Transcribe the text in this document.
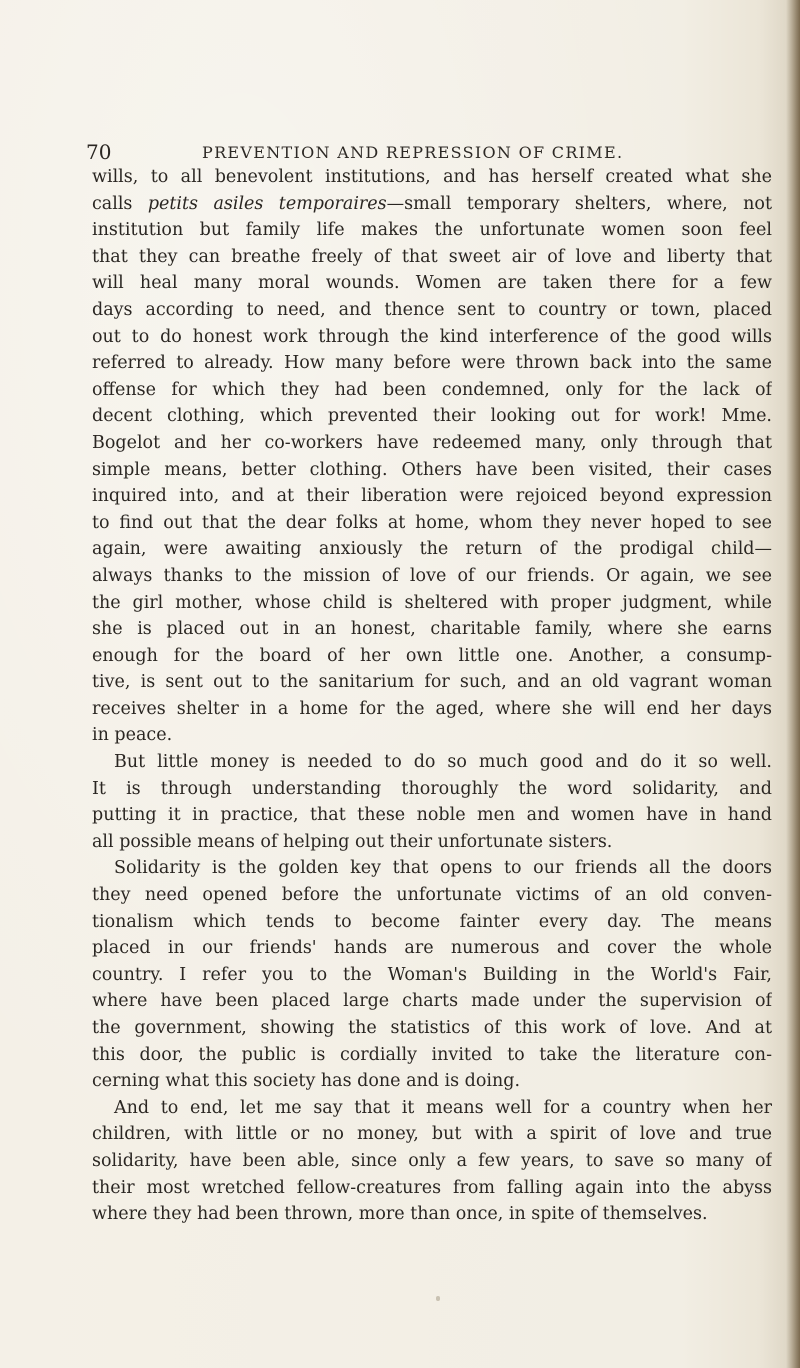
70	PREVENTION AND REPRESSION OF CRIME.
wills, to all benevolent institutions, and has herself created what she
calls petits asiles temporaires—small temporary shelters, where, not
institution but family life makes the unfortunate women soon feel
that they can breathe freely of that sweet air of love and liberty that
will heal many moral wounds. Women are taken there for a few
days according to need, and thence sent to country or town, placed
out to do honest work through the kind interference of the good wills
referred to already. How many before were thrown back into the same
offense for which they had been condemned, only for the lack of
decent clothing, which prevented their looking out for work! Mme.
Bogelot and her co-workers have redeemed many, only through that
simple means, better clothing. Others have been visited, their cases
inquired into, and at their liberation were rejoiced beyond expression
to find out that the dear folks at home, whom they never hoped to see
again, were awaiting anxiously the return of the prodigal child—
always thanks to the mission of love of our friends. Or again, we see
the girl mother, whose child is sheltered with proper judgment, while
she is placed out in an honest, charitable family, where she earns
enough for the board of her own little one. Another, a consump-
tive, is sent out to the sanitarium for such, and an old vagrant woman
receives shelter in a home for the aged, where she will end her days
in peace.
But little money is needed to do so much good and do it so well.
It is through understanding thoroughly the word solidarity, and
putting it in practice, that these noble men and women have in hand
all possible means of helping out their unfortunate sisters.
Solidarity is the golden key that opens to our friends all the doors
they need opened before the unfortunate victims of an old conven-
tionalism which tends to become fainter every day. The means
placed in our friends' hands are numerous and cover the whole
country. I refer you to the Woman's Building in the World's Fair,
where have been placed large charts made under the supervision of
the government, showing the statistics of this work of love. And at
this door, the public is cordially invited to take the literature con-
cerning what this society has done and is doing.
And to end, let me say that it means well for a country when her
children, with little or no money, but with a spirit of love and true
solidarity, have been able, since only a few years, to save so many of
their most wretched fellow-creatures from falling again into the abyss
where they had been thrown, more than once, in spite of themselves.
